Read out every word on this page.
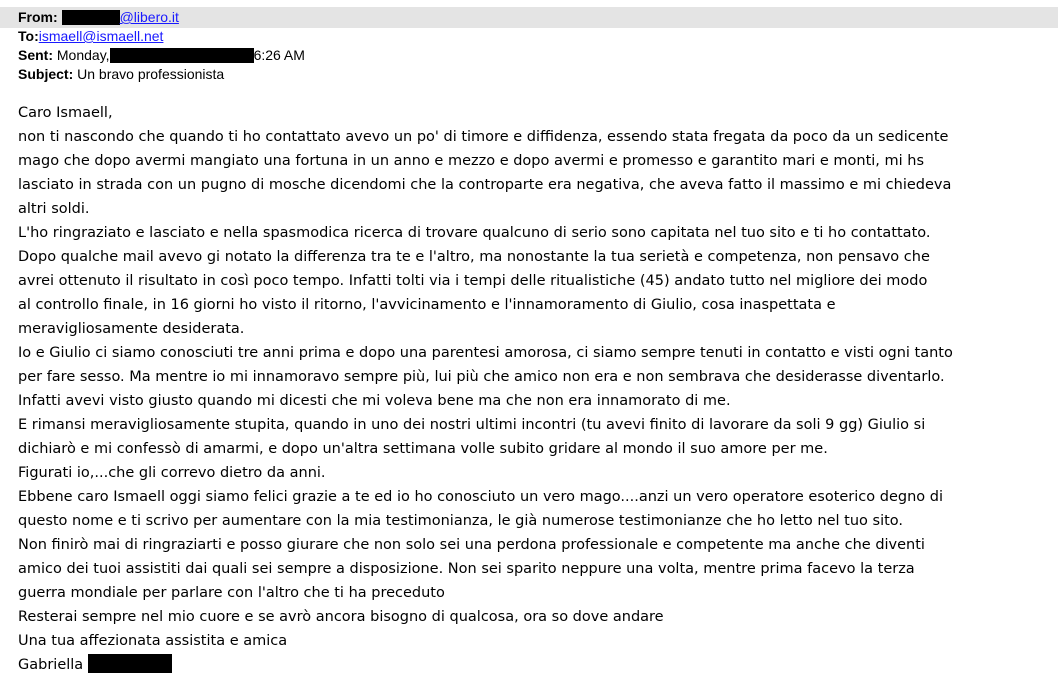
From:	@libero.it
To:ismaell@ismaell.net
Sent: Monday,	6:26 AM
Subject: Un bravo professionista
Caro Ismaell,
non ti nascondo che quando ti ho contattato avevo un po' di timore e diffidenza, essendo stata fregata da poco da un sedicente
mago che dopo avermi mangiato una fortuna in un anno e mezzo e dopo avermi e promesso e garantito mari e monti, mi hs
lasciato in strada con un pugno di mosche dicendomi che la controparte era negativa, che aveva fatto il massimo e mi chiedeva
altri soldi.
L'ho ringraziato e lasciato e nella spasmodica ricerca di trovare qualcuno di serio sono capitata nel tuo sito e ti ho contattato.
Dopo qualche mail avevo gi notato la differenza tra te e l'altro, ma nonostante la tua serietà e competenza, non pensavo che
avrei ottenuto il risultato in così poco tempo. Infatti tolti via i tempi delle ritualistiche (45) andato tutto nel migliore dei modo
al controllo finale, in 16 giorni ho visto il ritorno, l'avvicinamento e l'innamoramento di Giulio, cosa inaspettata e
meravigliosamente desiderata.
Io e Giulio ci siamo conosciuti tre anni prima e dopo una parentesi amorosa, ci siamo sempre tenuti in contatto e visti ogni tanto
per fare sesso. Ma mentre io mi innamoravo sempre più, lui più che amico non era e non sembrava che desiderasse diventarlo.
Infatti avevi visto giusto quando mi dicesti che mi voleva bene ma che non era innamorato di me.
E rimansi meravigliosamente stupita, quando in uno dei nostri ultimi incontri (tu avevi finito di lavorare da soli 9 gg) Giulio si
dichiarò e mi confessò di amarmi, e dopo un'altra settimana volle subito gridare al mondo il suo amore per me.
Figurati io,...che gli correvo dietro da anni.
Ebbene caro Ismaell oggi siamo felici grazie a te ed io ho conosciuto un vero mago....anzi un vero operatore esoterico degno di
questo nome e ti scrivo per aumentare con la mia testimonianza, le già numerose testimonianze che ho letto nel tuo sito.
Non finirò mai di ringraziarti e posso giurare che non solo sei una perdona professionale e competente ma anche che diventi
amico dei tuoi assistiti dai quali sei sempre a disposizione. Non sei sparito neppure una volta, mentre prima facevo la terza
guerra mondiale per parlare con l'altro che ti ha preceduto
Resterai sempre nel mio cuore e se avrò ancora bisogno di qualcosa, ora so dove andare
Una tua affezionata assistita e amica
Gabriella
